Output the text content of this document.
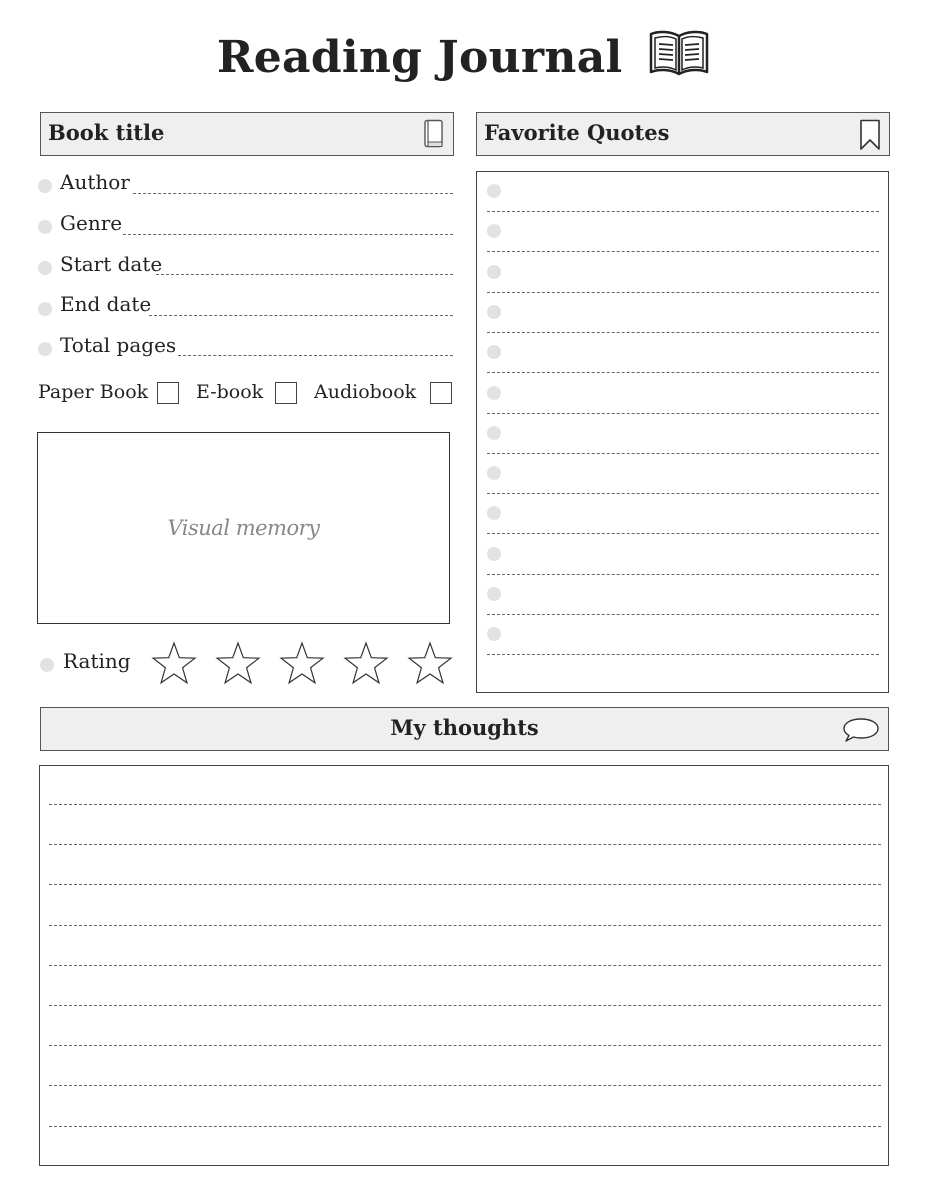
Reading Journal
Book title
Author
Genre
Start date
End date
Total pages
Paper Book	E-book	Audiobook
Visual memory
Rating
Favorite Quotes
My thoughts
